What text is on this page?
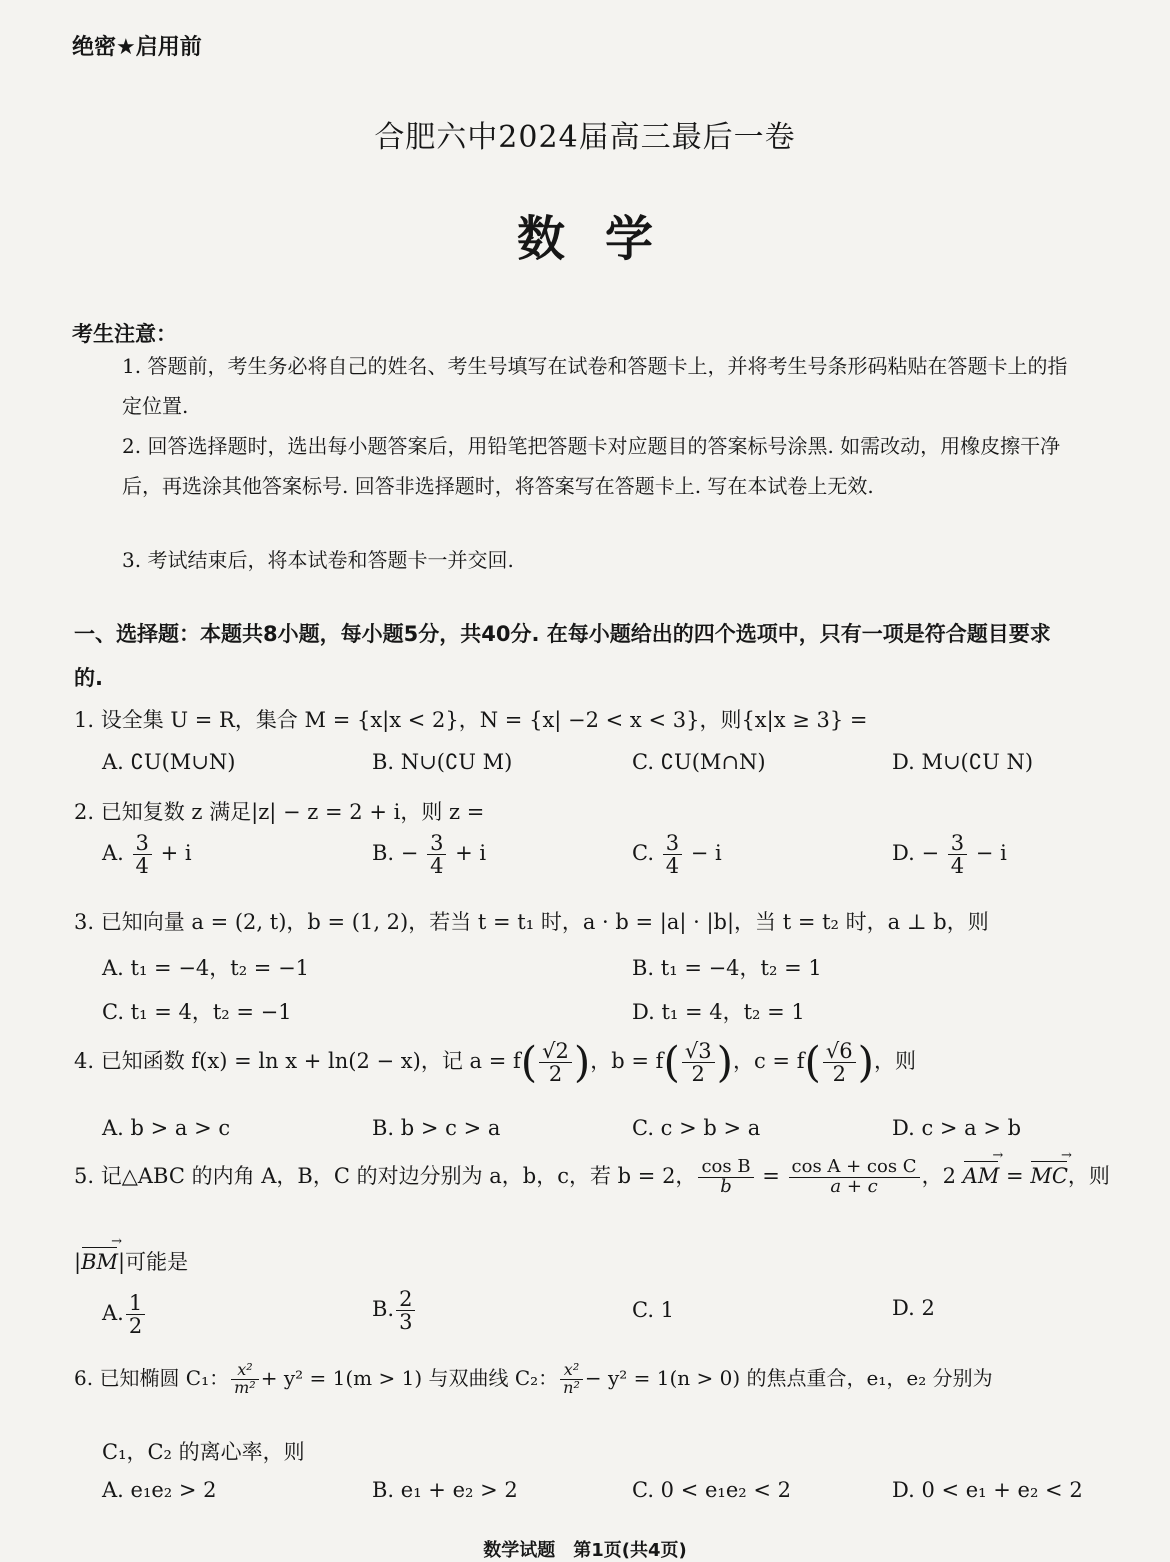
绝密★启用前
合肥六中2024届高三最后一卷
数学
考生注意：
1. 答题前，考生务必将自己的姓名、考生号填写在试卷和答题卡上，并将考生号条形码粘贴在答题卡上的指定位置.
2. 回答选择题时，选出每小题答案后，用铅笔把答题卡对应题目的答案标号涂黑. 如需改动，用橡皮擦干净后，再选涂其他答案标号. 回答非选择题时，将答案写在答题卡上. 写在本试卷上无效.
3. 考试结束后，将本试卷和答题卡一并交回.
一、选择题：本题共8小题，每小题5分，共40分. 在每小题给出的四个选项中，只有一项是符合题目要求的.
1. 设全集 U = R，集合 M = {x|x < 2}，N = {x| −2 < x < 3}，则{x|x ≥ 3} =
A. ∁U(M∪N)	B. N∪(∁U M)	C. ∁U(M∩N)	D. M∪(∁U N)
2. 已知复数 z 满足|z| − z = 2 + i，则 z =
A. $\frac{3}{4} + i$	B. − $\frac{3}{4} + i$	C. $\frac{3}{4} - i$	D. − $\frac{3}{4} - i$
3. 已知向量 a = (2, t)，b = (1, 2)，若当 t = t₁ 时，a · b = |a| · |b|，当 t = t₂ 时，a ⊥ b，则
A. t₁ = −4，t₂ = −1	B. t₁ = −4，t₂ = 1
C. t₁ = 4，t₂ = −1	D. t₁ = 4，t₂ = 1
4. 已知函数 f(x) = ln x + ln(2 − x)，记 $a = f( \frac{√2}{2}$ )，$b = f( \frac{√3}{2}$ )，$c = f( \frac{√6}{2}$ )，则
A. b > a > c	B. b > c > a	C. c > b > a	D. c > a > b
5. 记△ABC 的内角 A，B，C 的对边分别为 a，b，c，若 b = 2， $\frac{\text{cos B}}{b} = \frac{\text{cos A + cos C}}{a + c}$ ，2 AM → = MC →，则
|BM →|可能是
A. $\frac{1}{2}$	B. $\frac{2}{3}$	C. 1	D. 2
6. 已知椭圆 C₁： $\frac{\text{x²}}{\text{m²}} + y^2 = 1(m > 1)$ 与双曲线 C₂： $\frac{\text{x²}}{\text{n²}} - y^2 = 1(n > 0)$ 的焦点重合，e₁，e₂ 分别为
C₁，C₂ 的离心率，则
A. e₁e₂ > 2	B. e₁ + e₂ > 2	C. 0 < e₁e₂ < 2	D. 0 < e₁ + e₂ < 2
数学试题　第1页(共4页)
